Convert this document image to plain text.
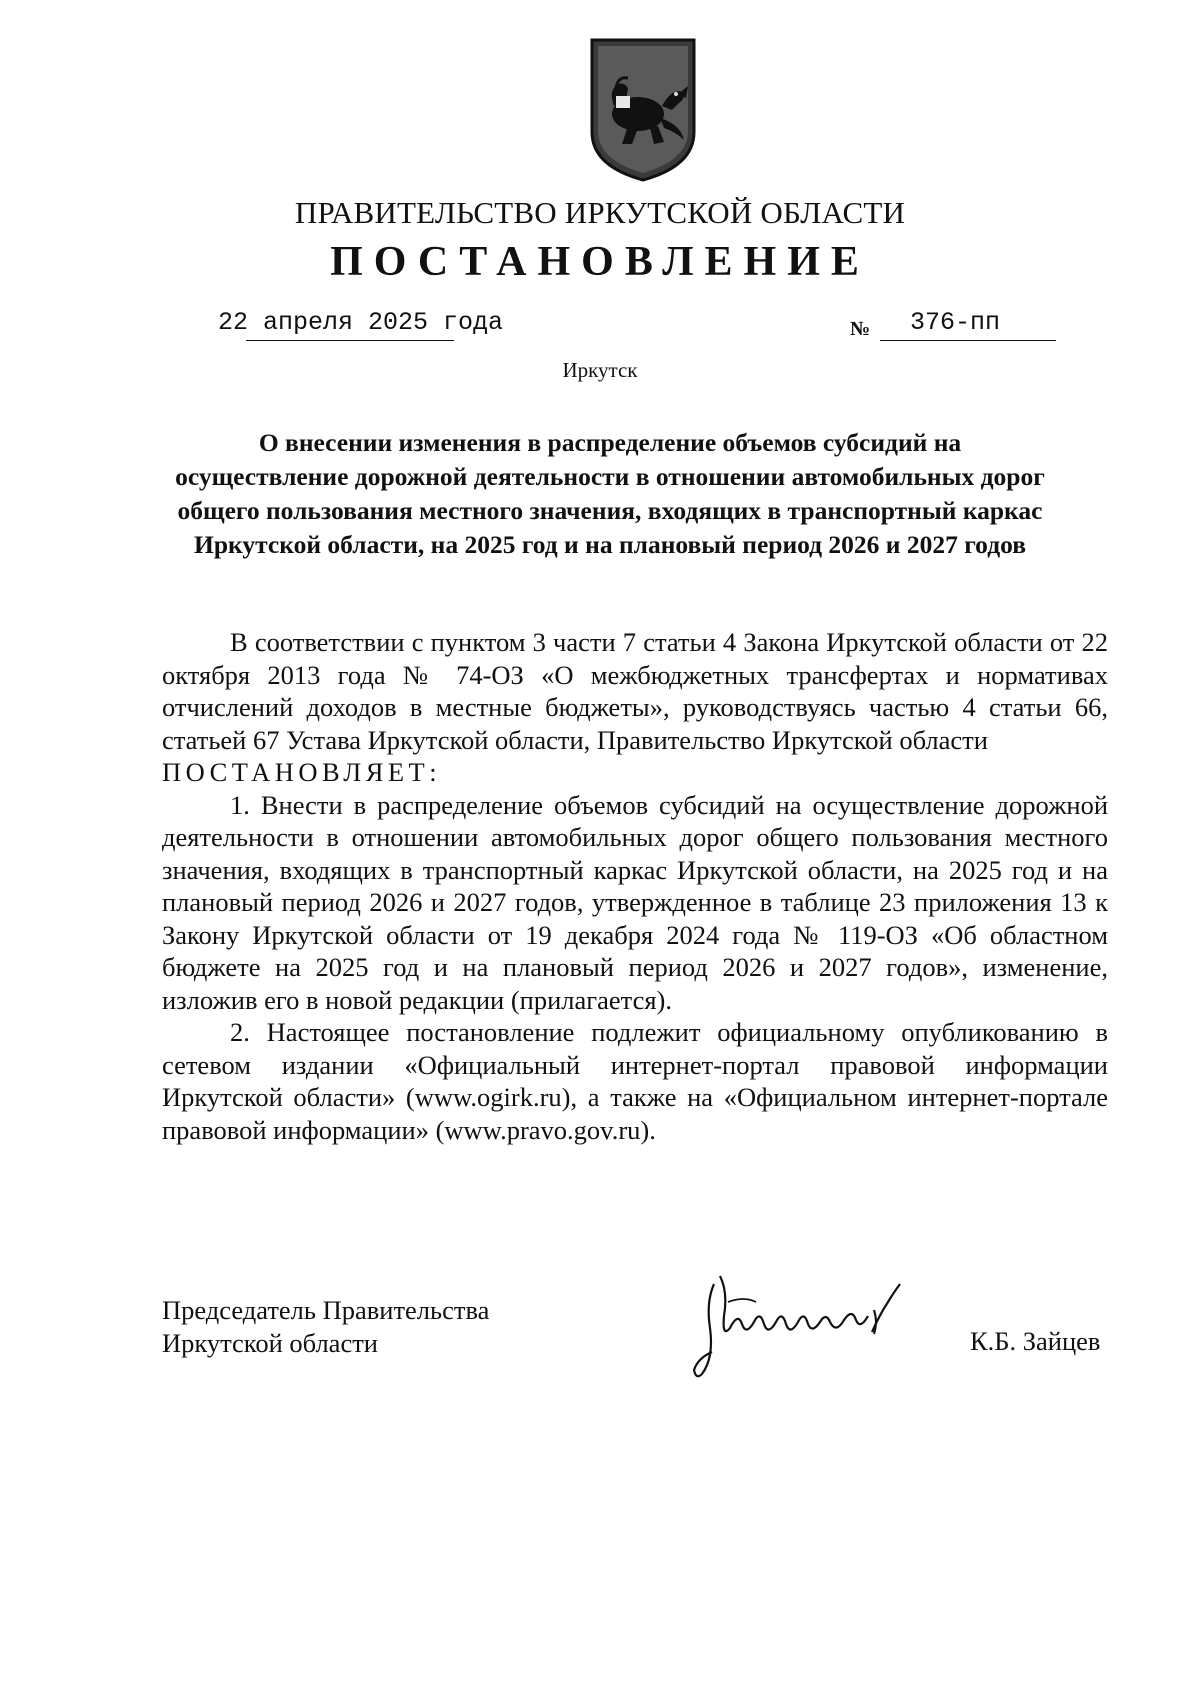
ПРАВИТЕЛЬСТВО ИРКУТСКОЙ ОБЛАСТИ
ПОСТАНОВЛЕНИЕ
22 апреля 2025 года	№ 376-пп
Иркутск
О внесении изменения в распределение объемов субсидий на осуществление дорожной деятельности в отношении автомобильных дорог общего пользования местного значения, входящих в транспортный каркас Иркутской области, на 2025 год и на плановый период 2026 и 2027 годов

В соответствии с пунктом 3 части 7 статьи 4 Закона Иркутской области от 22 октября 2013 года № 74-ОЗ «О межбюджетных трансфертах и нормативах отчислений доходов в местные бюджеты», руководствуясь частью 4 статьи 66, статьей 67 Устава Иркутской области, Правительство Иркутской области

ПОСТАНОВЛЯЕТ:

1. Внести в распределение объемов субсидий на осуществление дорожной деятельности в отношении автомобильных дорог общего пользования местного значения, входящих в транспортный каркас Иркутской области, на 2025 год и на плановый период 2026 и 2027 годов, утвержденное в таблице 23 приложения 13 к Закону Иркутской области от 19 декабря 2024 года № 119-ОЗ «Об областном бюджете на 2025 год и на плановый период 2026 и 2027 годов», изменение, изложив его в новой редакции (прилагается).

2. Настоящее постановление подлежит официальному опубликованию в сетевом издании «Официальный интернет-портал правовой информации Иркутской области» (www.ogirk.ru), а также на «Официальном интернет-портале правовой информации» (www.pravo.gov.ru).

Председатель Правительства
Иркутской области	К.Б. Зайцев
